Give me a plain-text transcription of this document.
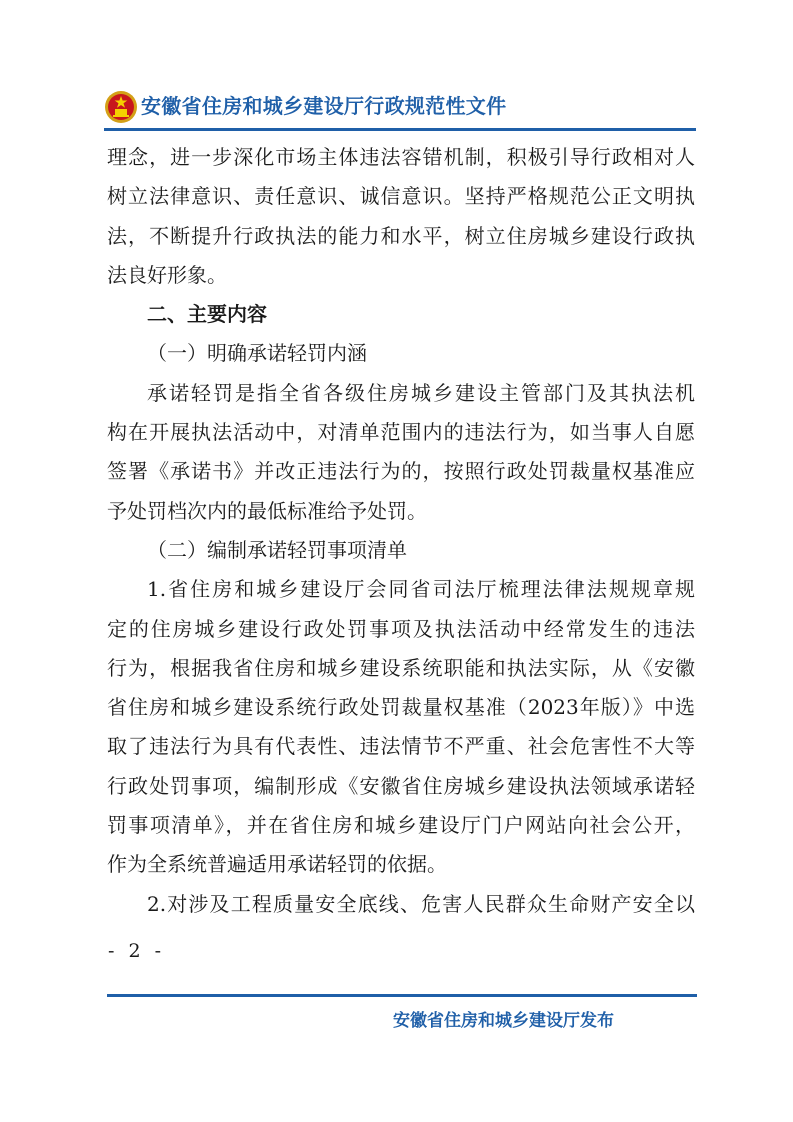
安徽省住房和城乡建设厅行政规范性文件
理念，进一步深化市场主体违法容错机制，积极引导行政相对人
树立法律意识、责任意识、诚信意识。坚持严格规范公正文明执
法，不断提升行政执法的能力和水平，树立住房城乡建设行政执
法良好形象。
二、主要内容
（一）明确承诺轻罚内涵
承诺轻罚是指全省各级住房城乡建设主管部门及其执法机
构在开展执法活动中，对清单范围内的违法行为，如当事人自愿
签署《承诺书》并改正违法行为的，按照行政处罚裁量权基准应
予处罚档次内的最低标准给予处罚。
（二）编制承诺轻罚事项清单
1.省住房和城乡建设厅会同省司法厅梳理法律法规规章规
定的住房城乡建设行政处罚事项及执法活动中经常发生的违法
行为，根据我省住房和城乡建设系统职能和执法实际，从《安徽
省住房和城乡建设系统行政处罚裁量权基准（2023年版）》中选
取了违法行为具有代表性、违法情节不严重、社会危害性不大等
行政处罚事项，编制形成《安徽省住房城乡建设执法领域承诺轻
罚事项清单》，并在省住房和城乡建设厅门户网站向社会公开，
作为全系统普遍适用承诺轻罚的依据。
2.对涉及工程质量安全底线、危害人民群众生命财产安全以
- 2 -
安徽省住房和城乡建设厅发布
